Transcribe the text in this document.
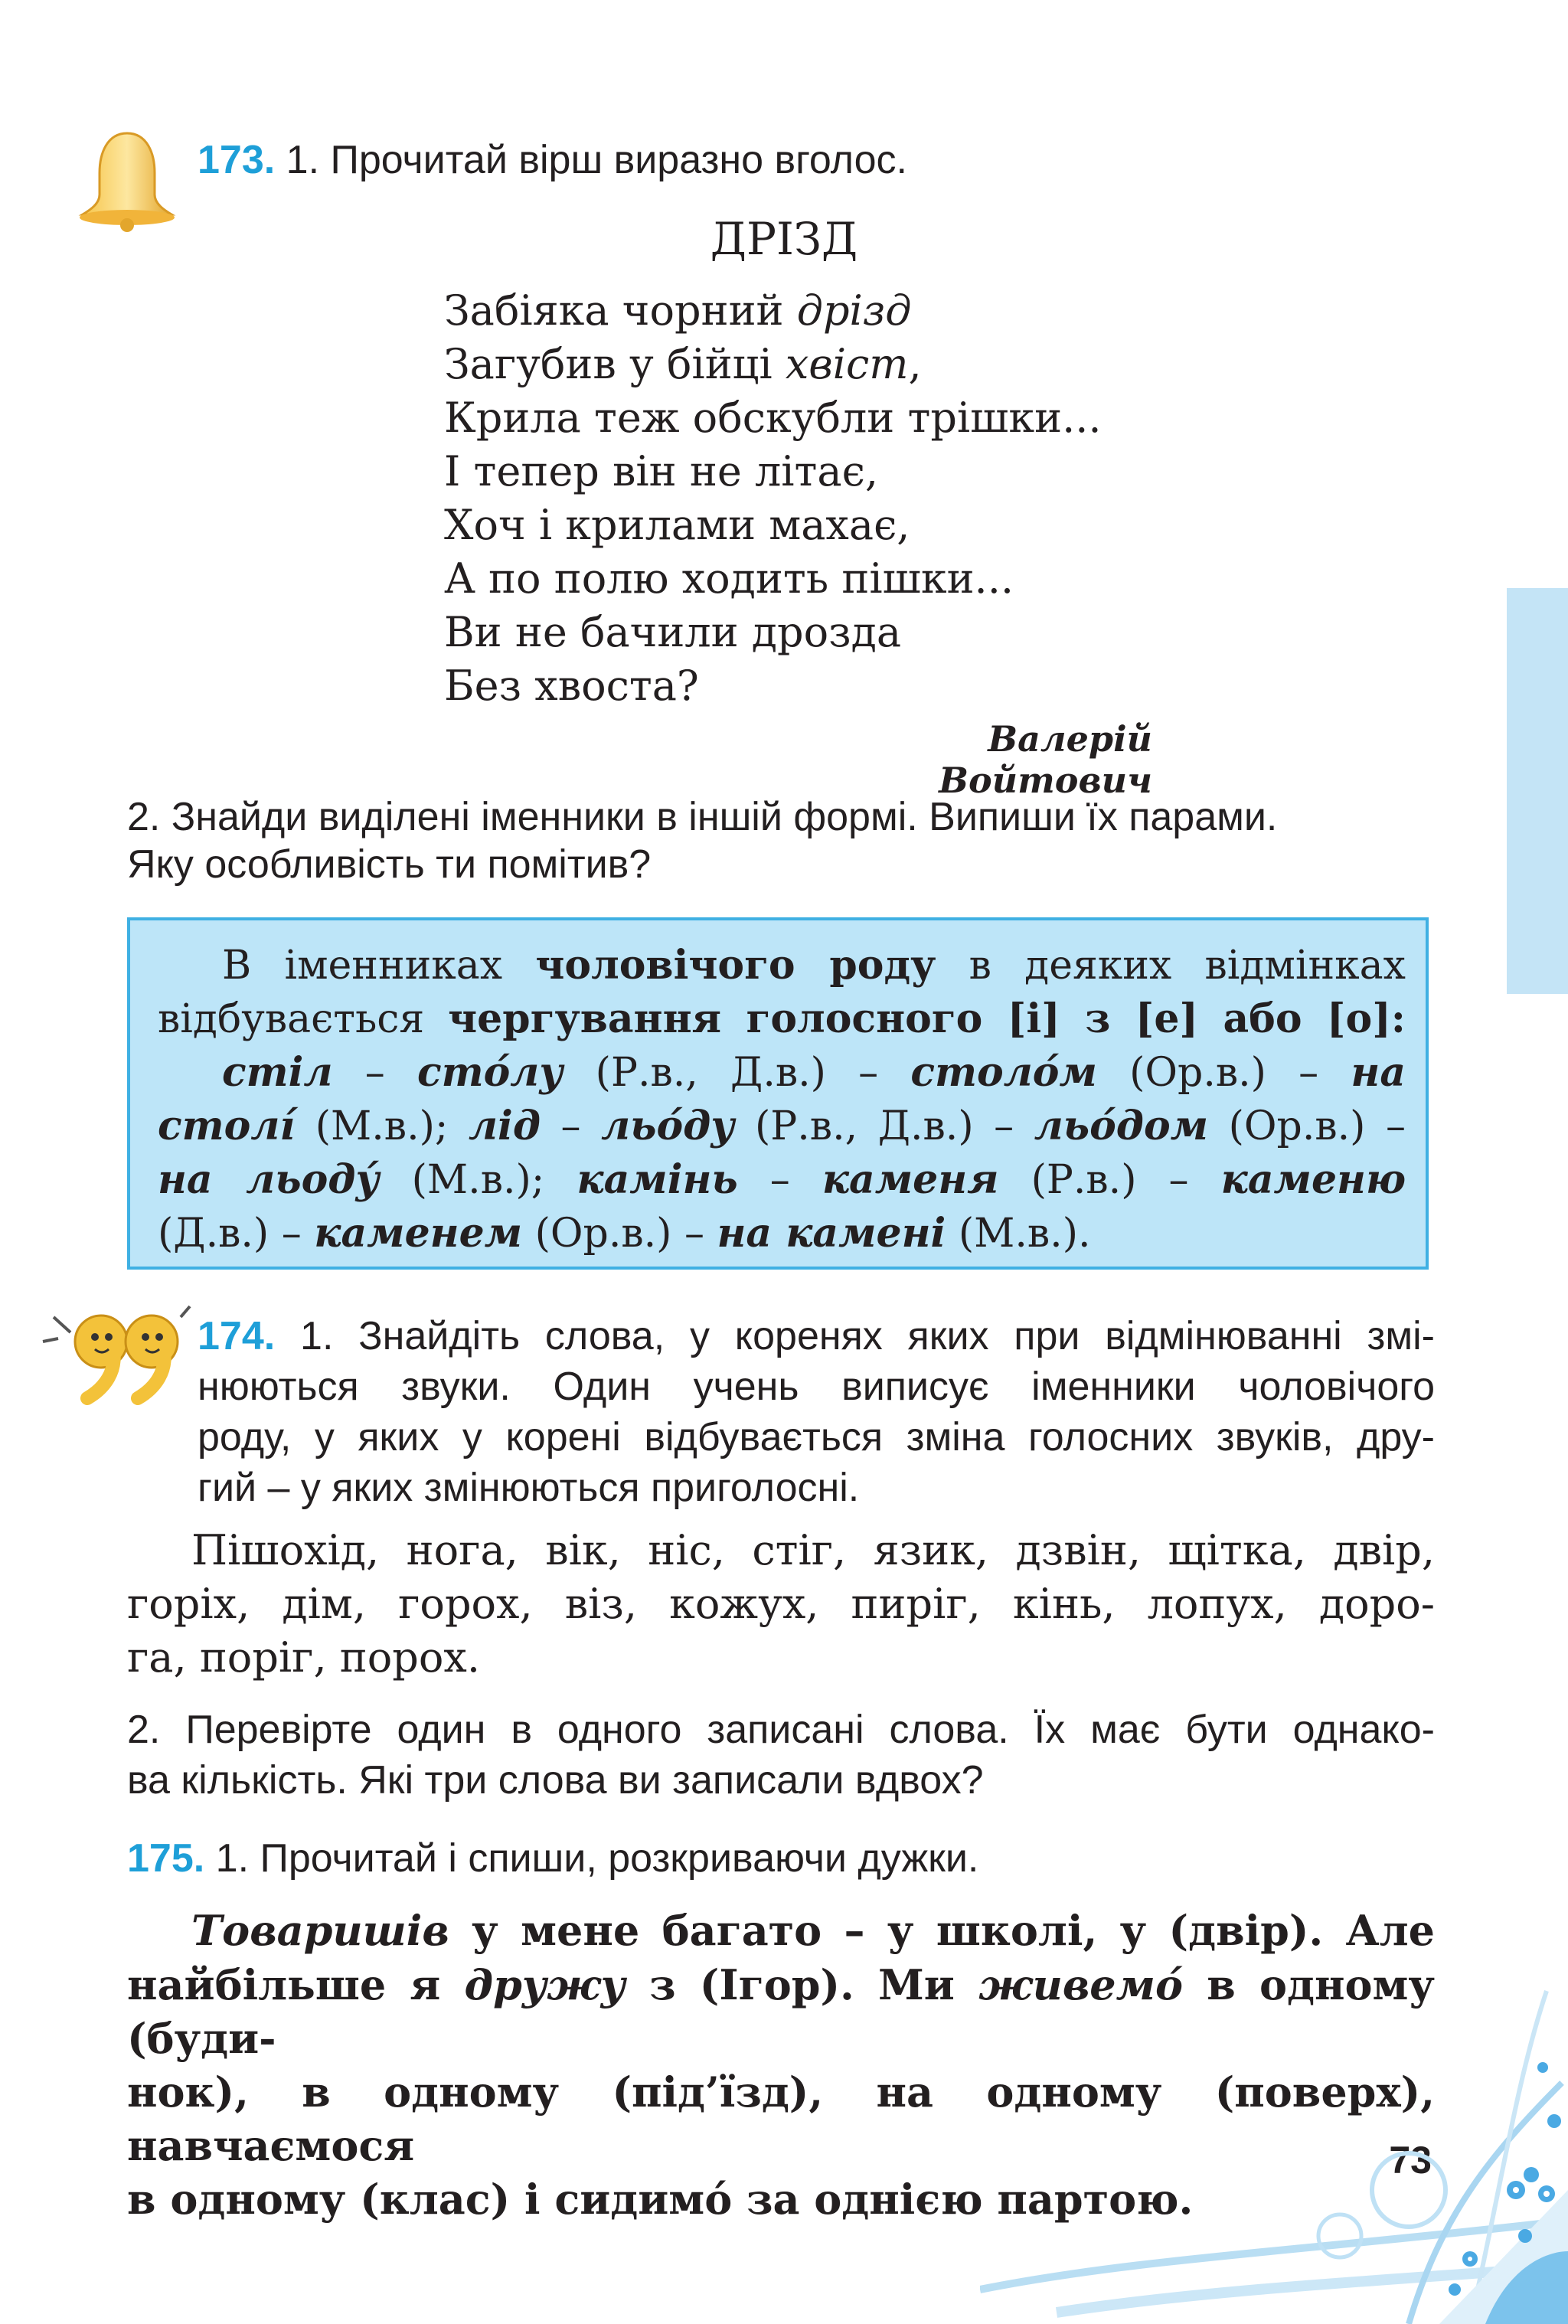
173. 1. Прочитай вірш виразно вголос.
ДРІЗД
Забіяка чорний дрізд
Загубив у бійці хвіст,
Крила теж обскубли трішки...
І тепер він не літає,
Хоч і крилами махає,
А по полю ходить пішки...
Ви не бачили дрозда
Без хвоста?
Валерій Войтович
2. Знайди виділені іменники в іншій формі. Випиши їх парами.
Яку особливість ти помітив?
В іменниках чоловічого роду в деяких відмінках
відбувається чергування голосного [і] з [е] або [о]:
стіл – сто́лу (Р.в., Д.в.) – столо́м (Ор.в.) – на
столі́ (М.в.); лід – льо́ду (Р.в., Д.в.) – льо́дом (Ор.в.) –
на льоду́ (М.в.); камінь – каменя (Р.в.) – каменю
(Д.в.) – каменем (Ор.в.) – на камені (М.в.).
174. 1. Знайдіть слова, у коренях яких при відмінюванні змі-
нюються звуки. Один учень виписує іменники чоловічого
роду, у яких у корені відбувається зміна голосних звуків, дру-
гий – у яких змінюються приголосні.
Пішохід, нога, вік, ніс, стіг, язик, дзвін, щітка, двір,
горіх, дім, горох, віз, кожух, пиріг, кінь, лопух, доро-
га, поріг, порох.
2. Перевірте один в одного записані слова. Їх має бути однако-
ва кількість. Які три слова ви записали вдвох?
175. 1. Прочитай і спиши, розкриваючи дужки.
Товаришів у мене багато – у школі, у (двір). Але
найбільше я дружу з (Ігор). Ми живемо́ в одному (буди-
нок), в одному (під’їзд), на одному (поверх), навчаємося
в одному (клас) і сидимо́ за однією партою.
73
